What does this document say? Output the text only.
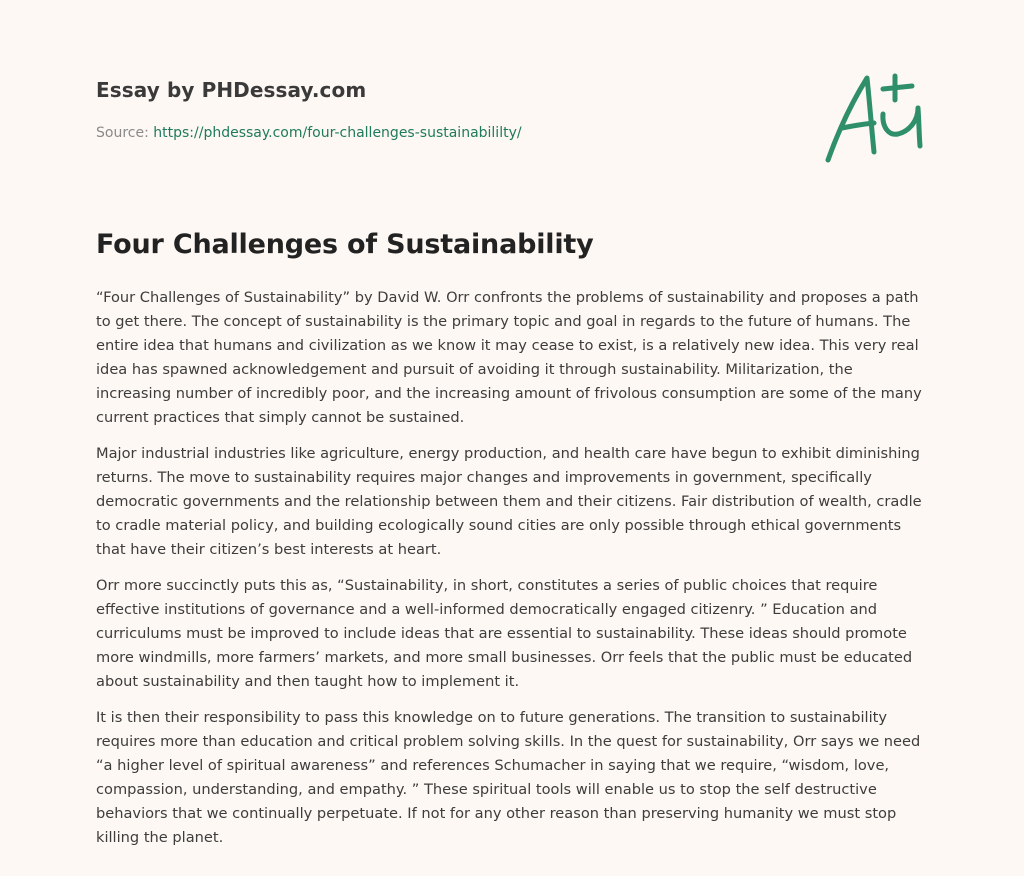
Essay by PHDessay.com
Source: https://phdessay.com/four-challenges-sustainabililty/
Four Challenges of Sustainability

“Four Challenges of Sustainability” by David W. Orr confronts the problems of sustainability and proposes a path to get there. The concept of sustainability is the primary topic and goal in regards to the future of humans. The entire idea that humans and civilization as we know it may cease to exist, is a relatively new idea. This very real idea has spawned acknowledgement and pursuit of avoiding it through sustainability. Militarization, the increasing number of incredibly poor, and the increasing amount of frivolous consumption are some of the many current practices that simply cannot be sustained.

Major industrial industries like agriculture, energy production, and health care have begun to exhibit diminishing returns. The move to sustainability requires major changes and improvements in government, specifically democratic governments and the relationship between them and their citizens. Fair distribution of wealth, cradle to cradle material policy, and building ecologically sound cities are only possible through ethical governments that have their citizen’s best interests at heart.

Orr more succinctly puts this as, “Sustainability, in short, constitutes a series of public choices that require effective institutions of governance and a well-informed democratically engaged citizenry. ” Education and curriculums must be improved to include ideas that are essential to sustainability. These ideas should promote more windmills, more farmers’ markets, and more small businesses. Orr feels that the public must be educated about sustainability and then taught how to implement it.

It is then their responsibility to pass this knowledge on to future generations. The transition to sustainability requires more than education and critical problem solving skills. In the quest for sustainability, Orr says we need “a higher level of spiritual awareness” and references Schumacher in saying that we require, “wisdom, love, compassion, understanding, and empathy. ” These spiritual tools will enable us to stop the self destructive behaviors that we continually perpetuate. If not for any other reason than preserving humanity we must stop killing the planet.
